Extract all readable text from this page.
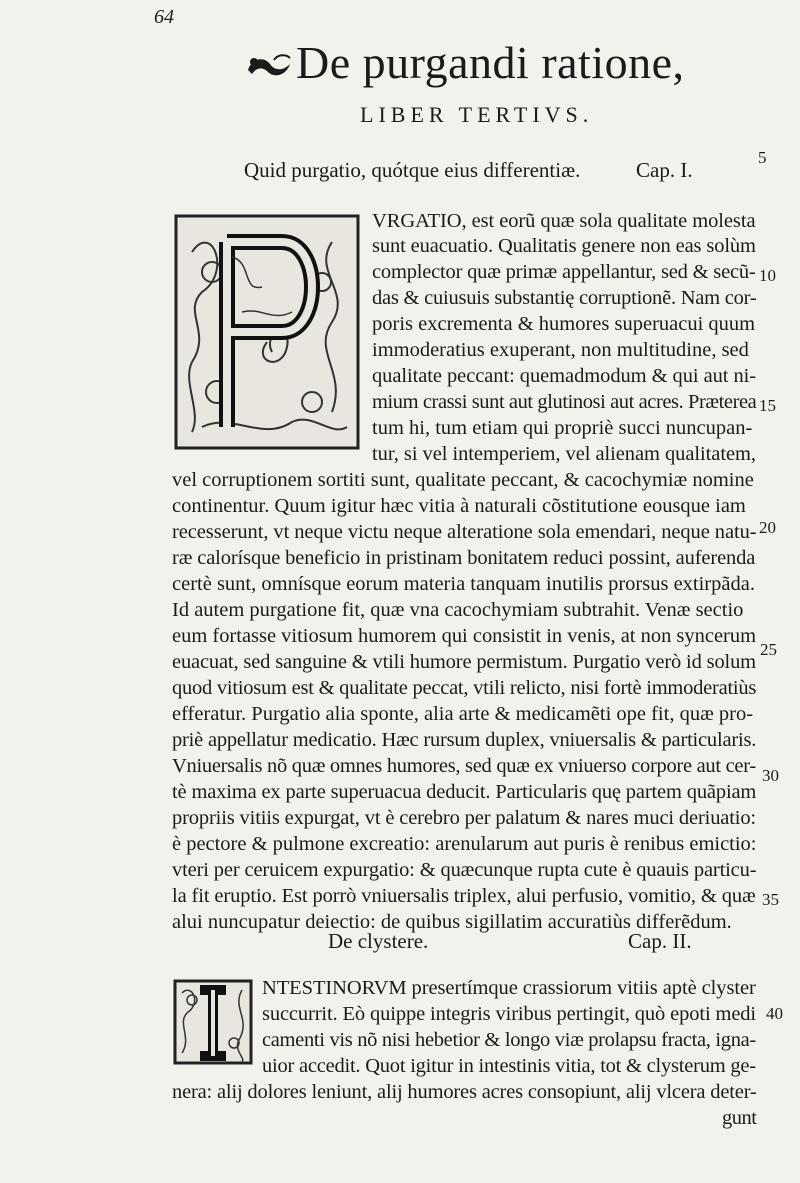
64
De purgandi ratione,
LIBER TERTIVS.
Quid purgatio, quótque eius differentiæ.	Cap. I.
De clystere.	Cap. II.
VRGATIO, est eorũ quæ sola qualitate molesta
sunt euacuatio. Qualitatis genere non eas solùm
complector quæ primæ appellantur, sed & secũ-
das & cuiusuis substantię corruptionẽ. Nam cor-
poris excrementa & humores superuacui quum
immoderatius exuperant, non multitudine, sed
qualitate peccant: quemadmodum & qui aut ni-
mium crassi sunt aut glutinosi aut acres. Præterea
tum hi, tum etiam qui propriè succi nuncupan-
tur, si vel intemperiem, vel alienam qualitatem,
vel corruptionem sortiti sunt, qualitate peccant, & cacochymiæ nomine
continentur. Quum igitur hæc vitia à naturali cõstitutione eousque iam
recesserunt, vt neque victu neque alteratione sola emendari, neque natu-
ræ calorísque beneficio in pristinam bonitatem reduci possint, auferenda
certè sunt, omnísque eorum materia tanquam inutilis prorsus extirpãda.
Id autem purgatione fit, quæ vna cacochymiam subtrahit. Venæ sectio
eum fortasse vitiosum humorem qui consistit in venis, at non syncerum
euacuat, sed sanguine & vtili humore permistum. Purgatio verò id solum
quod vitiosum est & qualitate peccat, vtili relicto, nisi fortè immoderatiùs
efferatur. Purgatio alia sponte, alia arte & medicamẽti ope fit, quæ pro-
priè appellatur medicatio. Hæc rursum duplex, vniuersalis & particularis.
Vniuersalis nõ quæ omnes humores, sed quæ ex vniuerso corpore aut cer-
tè maxima ex parte superuacua deducit. Particularis quę partem quãpiam
propriis vitiis expurgat, vt è cerebro per palatum & nares muci deriuatio:
è pectore & pulmone excreatio: arenularum aut puris è renibus emictio:
vteri per ceruicem expurgatio: & quæcunque rupta cute è quauis particu-
la fit eruptio. Est porrò vniuersalis triplex, alui perfusio, vomitio, & quæ
alui nuncupatur deiectio: de quibus sigillatim accuratiùs differẽdum.
NTESTINORVM presertímque crassiorum vitiis aptè clyster
succurrit. Eò quippe integris viribus pertingit, quò epoti medi
camenti vis nõ nisi hebetior & longo viæ prolapsu fracta, igna-
uior accedit. Quot igitur in intestinis vitia, tot & clysterum ge-
nera: alij dolores leniunt, alij humores acres consopiunt, alij vlcera deter-
gunt
5
10
15
20
25
30
35
40
